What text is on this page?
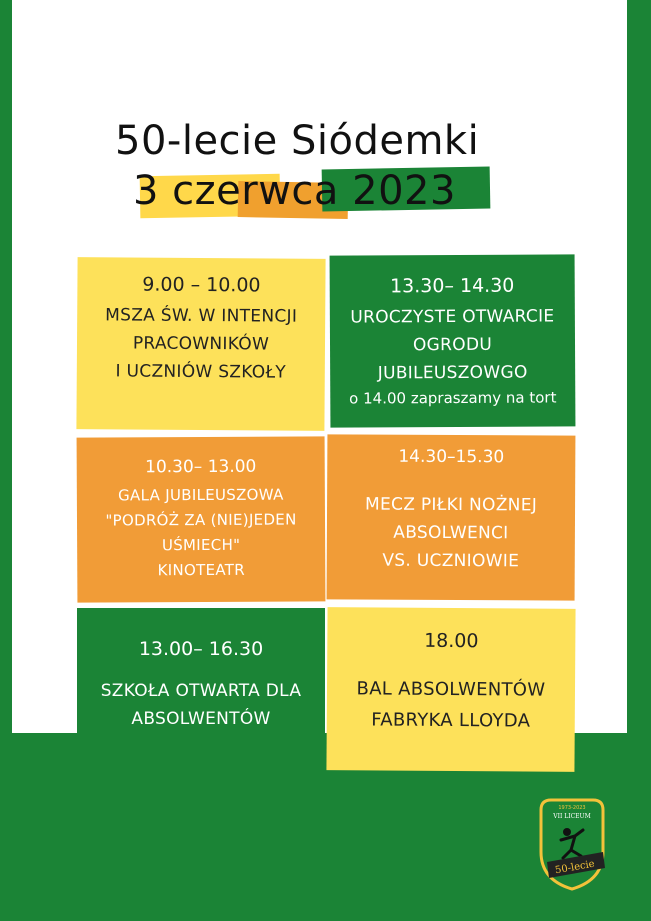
50-lecie Siódemki
3 czerwca 2023
9.00 – 10.00
MSZA ŚW. W INTENCJI
PRACOWNIKÓW
I UCZNIÓW SZKOŁY
13.30– 14.30
UROCZYSTE OTWARCIE
OGRODU
JUBILEUSZOWGO
o 14.00 zapraszamy na tort
10.30– 13.00
GALA JUBILEUSZOWA
"PODRÓŻ ZA (NIE)JEDEN
UŚMIECH"
KINOTEATR
14.30–15.30
MECZ PIŁKI NOŻNEJ
ABSOLWENCI
VS. UCZNIOWIE
13.00– 16.30
SZKOŁA OTWARTA DLA
ABSOLWENTÓW
18.00
BAL ABSOLWENTÓW
FABRYKA LLOYDA
1973-2023
VII LICEUM
50-lecie
